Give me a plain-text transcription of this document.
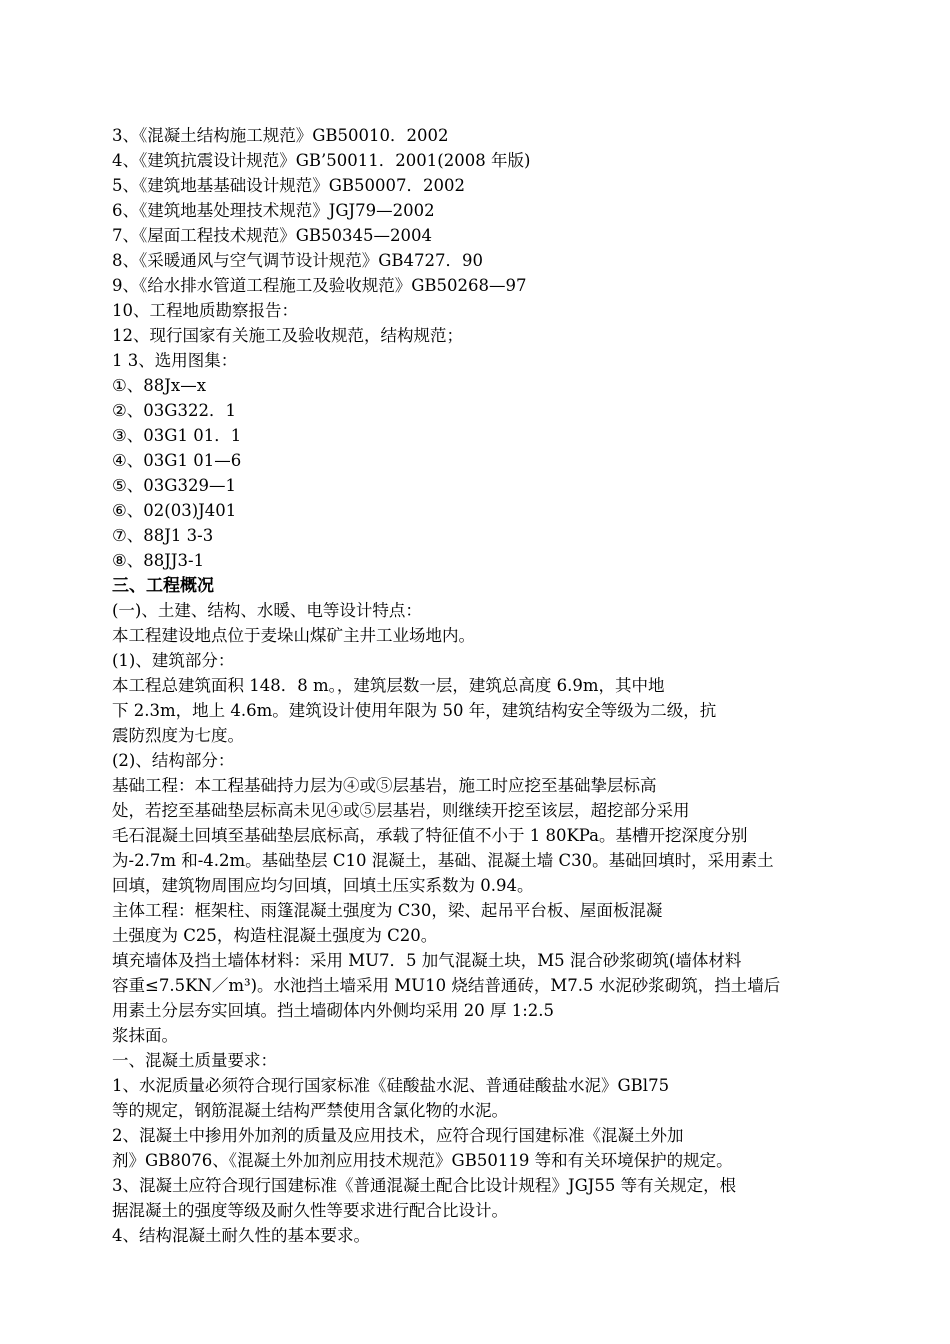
3、《混凝土结构施工规范》GB50010．2002

4、《建筑抗震设计规范》GB’50011．2001(2008 年版)

5、《建筑地基基础设计规范》GB50007．2002

6、《建筑地基处理技术规范》JGJ79—2002

7、《屋面工程技术规范》GB50345—2004

8、《采暖通风与空气调节设计规范》GB4727．90

9、《给水排水管道工程施工及验收规范》GB50268—97

10、工程地质勘察报告：

12、现行国家有关施工及验收规范，结构规范；

1 3、选用图集：

①、88Jx—x

②、03G322．1

③、03G1 01．1

④、03G1 01—6

⑤、03G329—1

⑥、02(03)J401

⑦、88J1 3-3

⑧、88JJ3-1

三、工程概况

(一)、土建、结构、水暖、电等设计特点：

本工程建设地点位于麦垛山煤矿主井工业场地内。

(1)、建筑部分：

本工程总建筑面积 148．8 m。，建筑层数一层，建筑总高度 6.9m，其中地

下 2.3m，地上 4.6m。建筑设计使用年限为 50 年，建筑结构安全等级为二级，抗

震防烈度为七度。

(2)、结构部分：

基础工程：本工程基础持力层为④或⑤层基岩，施工时应挖至基础挚层标高

处，若挖至基础垫层标高未见④或⑤层基岩，则继续开挖至该层，超挖部分采用

毛石混凝土回填至基础垫层底标高，承载了特征值不小于 1 80KPa。基槽开挖深度分别

为-2.7m 和-4.2m。基础垫层 C10 混凝土，基础、混凝土墙 C30。基础回填时，采用素土

回填，建筑物周围应均匀回填，回填土压实系数为 0.94。

主体工程：框架柱、雨篷混凝土强度为 C30，梁、起吊平台板、屋面板混凝

土强度为 C25，构造柱混凝土强度为 C20。

填充墙体及挡土墙体材料：采用 MU7．5 加气混凝土块，M5 混合砂浆砌筑(墙体材料

容重≤7.5KN／m³)。水池挡土墙采用 MU10 烧结普通砖，M7.5 水泥砂浆砌筑，挡土墙后

用素土分层夯实回填。挡土墙砌体内外侧均采用 20 厚 1:2.5

浆抹面。

一、混凝土质量要求：

1、水泥质量必须符合现行国家标准《硅酸盐水泥、普通硅酸盐水泥》GBl75

等的规定，钢筋混凝土结构严禁使用含氯化物的水泥。

2、混凝土中掺用外加剂的质量及应用技术，应符合现行国建标准《混凝土外加

剂》GB8076、《混凝土外加剂应用技术规范》GB50119 等和有关环境保护的规定。

3、混凝土应符合现行国建标准《普通混凝土配合比设计规程》JGJ55 等有关规定，根

据混凝土的强度等级及耐久性等要求进行配合比设计。

4、结构混凝土耐久性的基本要求。
